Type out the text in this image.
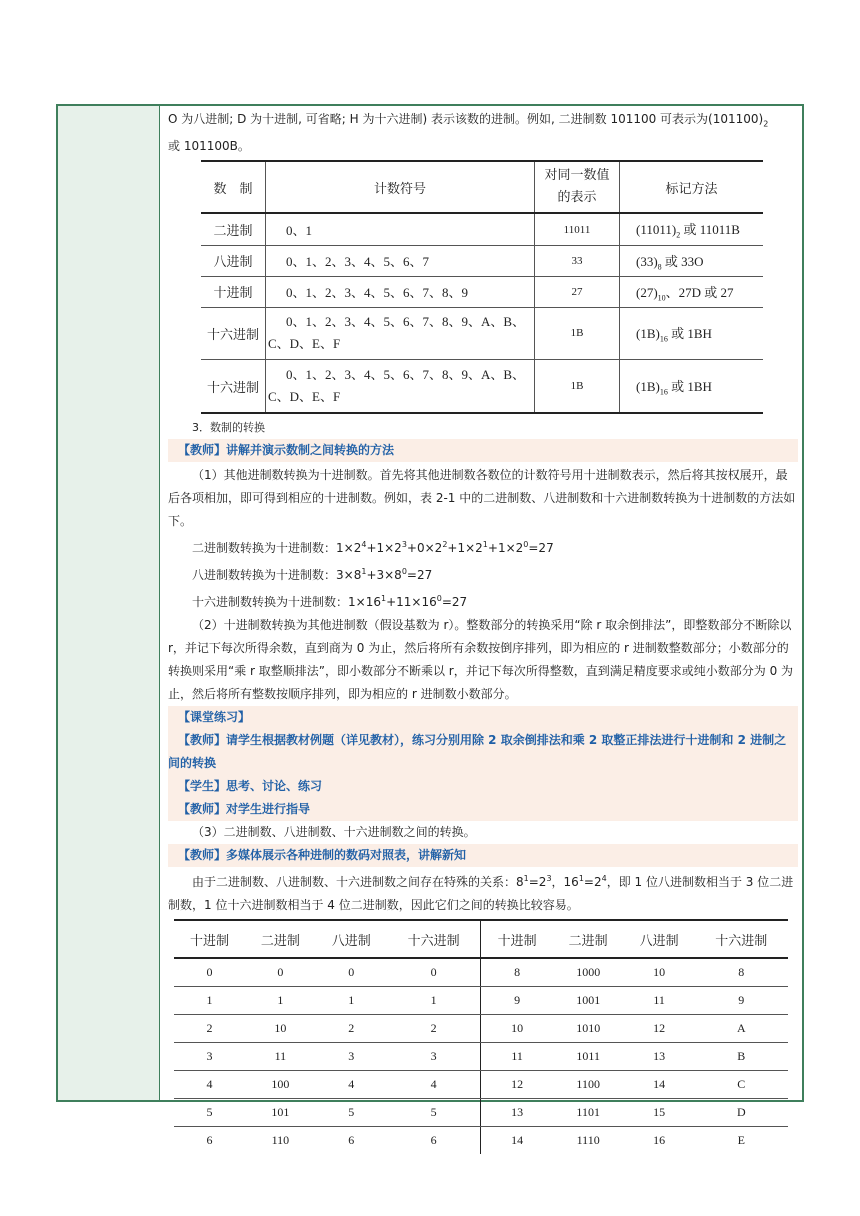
O 为八进制; D 为十进制, 可省略; H 为十六进制) 表示该数的进制。例如, 二进制数 101100 可表示为$(101100)_2$
或 101100B。

数　制	计数符号	对同一数值的表示	标记方法
二进制	0、1	11011	$(11011)_2$ 或 11011B
八进制	0、1、2、3、4、5、6、7	33	$(33)_8$ 或 33O
十进制	0、1、2、3、4、5、6、7、8、9	27	$(27)_{10}$、27D 或 27
十六进制	0、1、2、3、4、5、6、7、8、9、A、B、C、D、E、F	1B	$(1B)_{16}$ 或 1BH
十六进制	0、1、2、3、4、5、6、7、8、9、A、B、C、D、E、F	1B	$(1B)_{16}$ 或 1BH

3．数制的转换

【教师】讲解并演示数制之间转换的方法

（1）其他进制数转换为十进制数。首先将其他进制数各数位的计数符号用十进制数表示，然后将其按权展开，最后各项相加，即可得到相应的十进制数。例如，表 2-1 中的二进制数、八进制数和十六进制数转换为十进制数的方法如下。

二进制数转换为十进制数：$1\times 2^4+1\times 2^3+0\times 2^2+1\times 2^1+1\times 2^0=27$

八进制数转换为十进制数：$3\times 8^1+3\times 8^0=27$

十六进制数转换为十进制数：$1\times 16^1+11\times 16^0=27$

（2）十进制数转换为其他进制数（假设基数为 r）。整数部分的转换采用“除 r 取余倒排法”，即整数部分不断除以 r，并记下每次所得余数，直到商为 0 为止，然后将所有余数按倒序排列，即为相应的 r 进制数整数部分；小数部分的转换则采用“乘 r 取整顺排法”，即小数部分不断乘以 r，并记下每次所得整数，直到满足精度要求或纯小数部分为 0 为止，然后将所有整数按顺序排列，即为相应的 r 进制数小数部分。

【课堂练习】

【教师】请学生根据教材例题（详见教材），练习分别用除 2 取余倒排法和乘 2 取整正排法进行十进制和 2 进制之间的转换

【学生】思考、讨论、练习

【教师】对学生进行指导

（3）二进制数、八进制数、十六进制数之间的转换。

【教师】多媒体展示各种进制的数码对照表，讲解新知

由于二进制数、八进制数、十六进制数之间存在特殊的关系：$8^1=2^3$，$16^1=2^4$，即 1 位八进制数相当于 3 位二进制数，1 位十六进制数相当于 4 位二进制数，因此它们之间的转换比较容易。

十进制	二进制	八进制	十六进制	十进制	二进制	八进制	十六进制
0	0	0	0	8	1000	10	8
1	1	1	1	9	1001	11	9
2	10	2	2	10	1010	12	A
3	11	3	3	11	1011	13	B
4	100	4	4	12	1100	14	C
5	101	5	5	13	1101	15	D
6	110	6	6	14	1110	16	E
